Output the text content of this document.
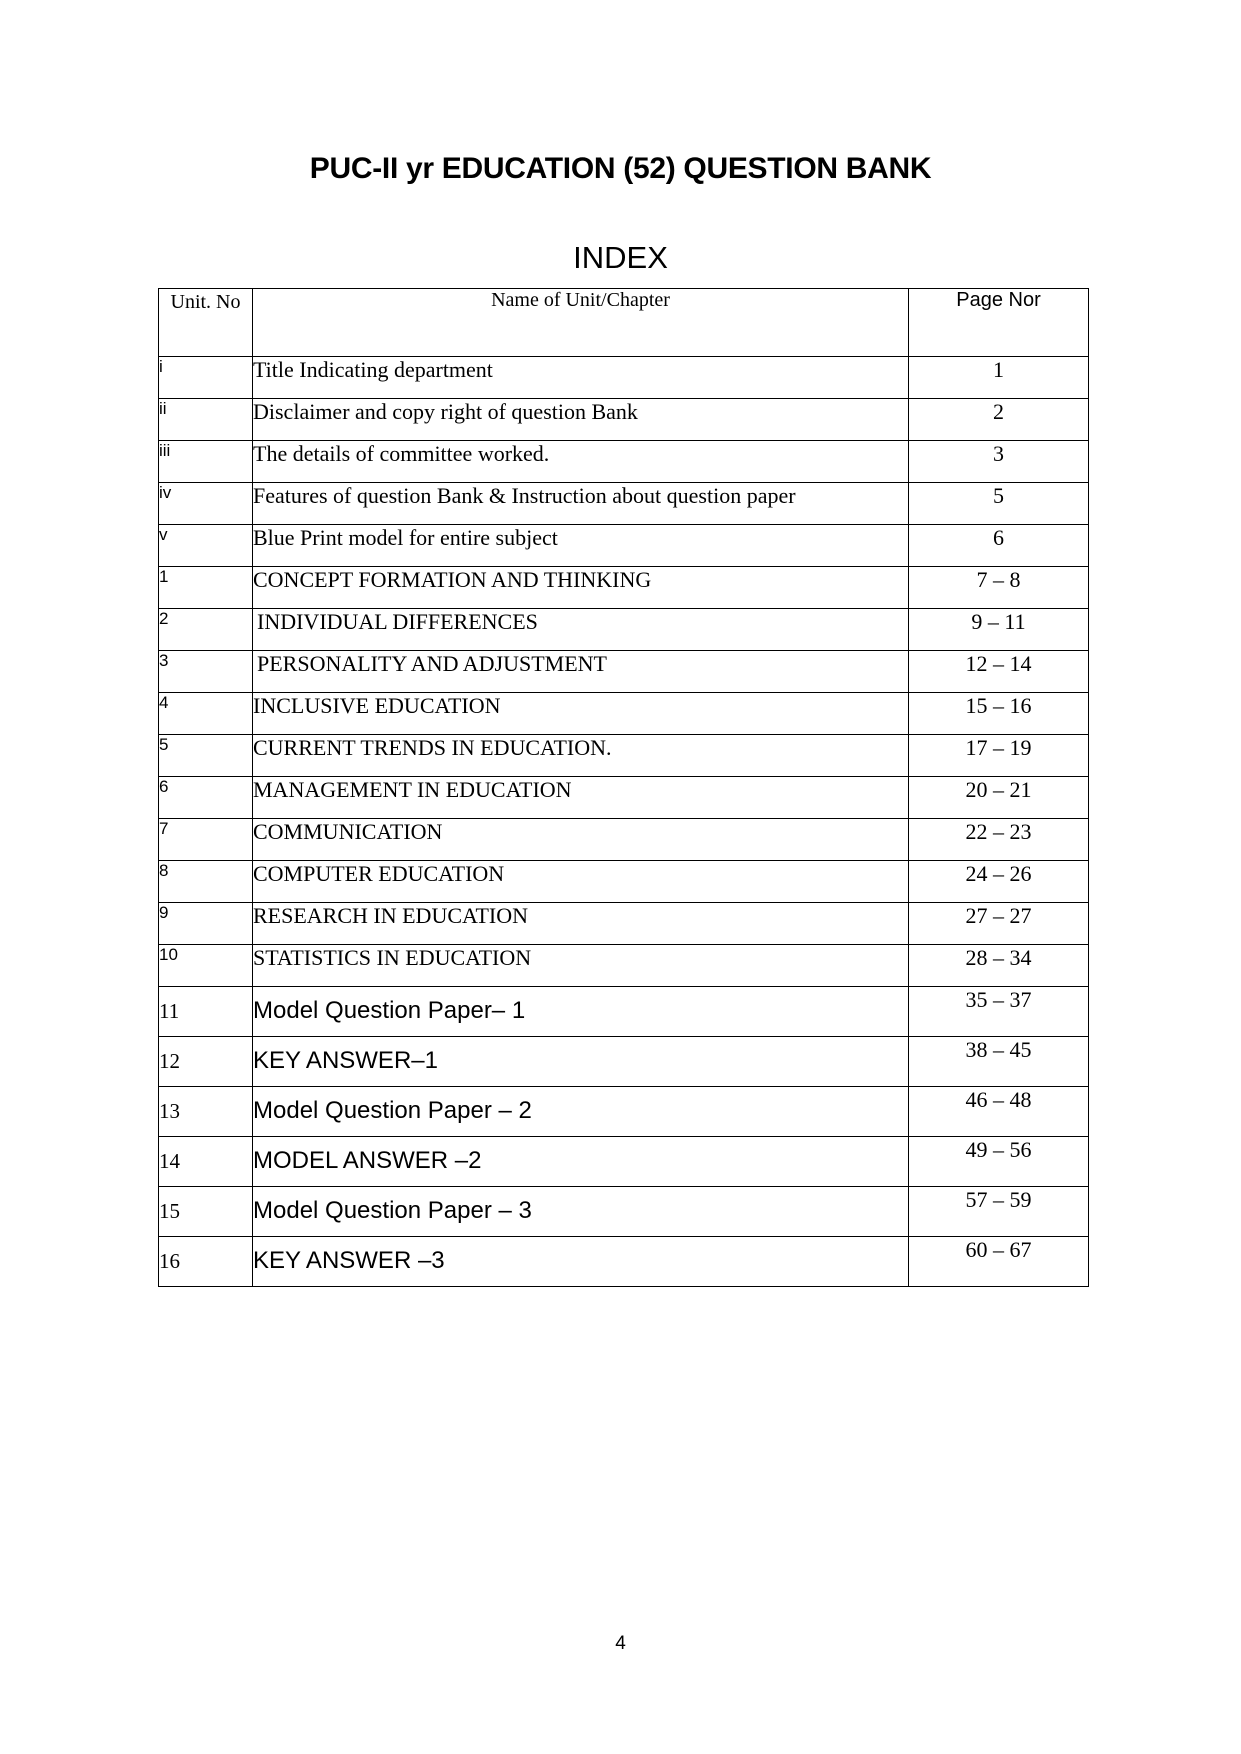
PUC-II yr EDUCATION (52) QUESTION BANK
INDEX
Unit. No	Name of Unit/Chapter	Page Nor
i	Title Indicating department	1
ii	Disclaimer and copy right of question Bank	2
iii	The details of committee worked.	3
iv	Features of question Bank & Instruction about question paper	5
v	Blue Print model for entire subject	6
1	CONCEPT FORMATION AND THINKING	7 – 8
2	INDIVIDUAL DIFFERENCES	9 – 11
3	PERSONALITY AND ADJUSTMENT	12 – 14
4	INCLUSIVE EDUCATION	15 – 16
5	CURRENT TRENDS IN EDUCATION.	17 – 19
6	MANAGEMENT IN EDUCATION	20 – 21
7	COMMUNICATION	22 – 23
8	COMPUTER EDUCATION	24 – 26
9	RESEARCH IN EDUCATION	27 – 27
10	STATISTICS IN EDUCATION	28 – 34
11	Model Question Paper– 1	35 – 37
12	KEY ANSWER–1	38 – 45
13	Model Question Paper – 2	46 – 48
14	MODEL ANSWER –2	49 – 56
15	Model Question Paper – 3	57 – 59
16	KEY ANSWER –3	60 – 67
4
